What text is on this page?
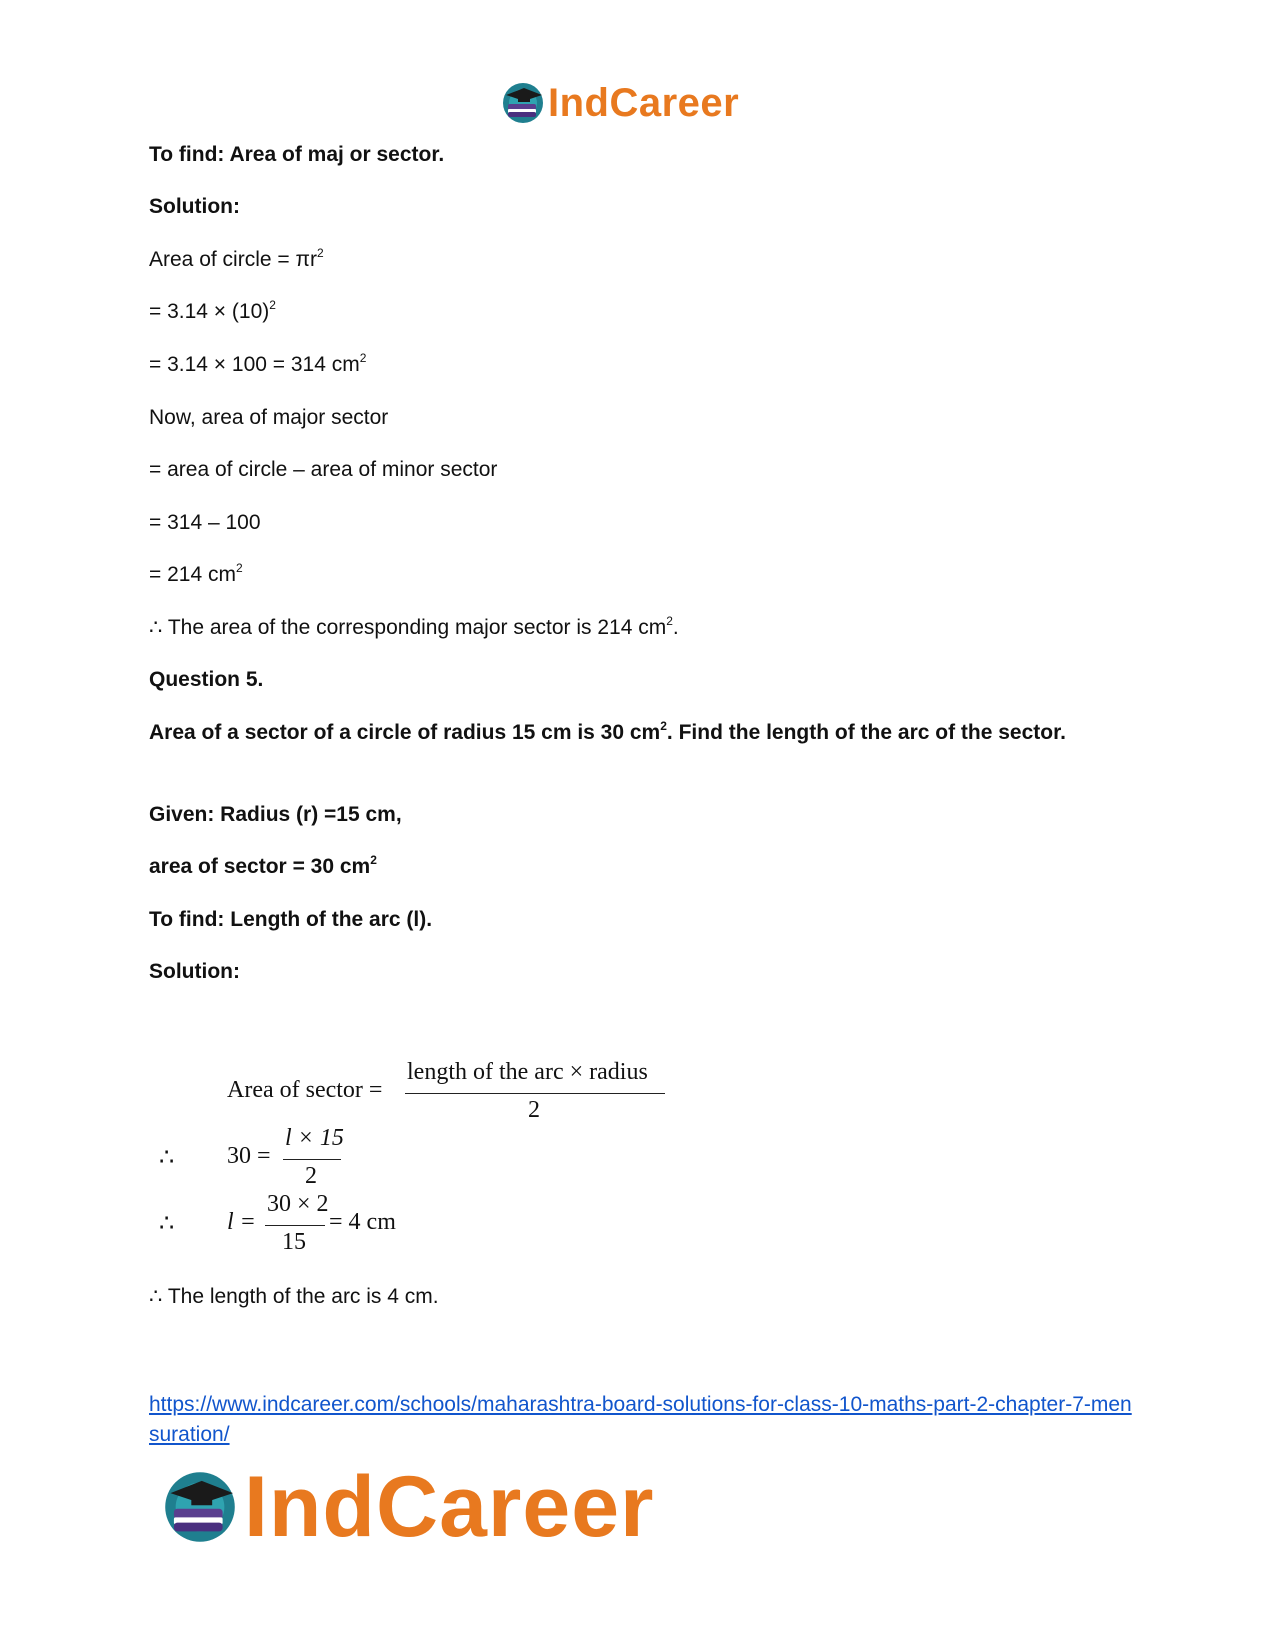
IndCareer
To find: Area of maj or sector.
Solution:
Area of circle = $\pi r^2$
= $3.14 \times (10)^2$
= 3.14 × 100 = 314 $cm^2$
Now, area of major sector
= area of circle – area of minor sector
= 314 – 100
= 214 $cm^2$
∴ The area of the corresponding major sector is 214 $cm^2$.
Question 5.
Area of a sector of a circle of radius 15 cm is 30 $cm^2$. Find the length of the arc of the sector.
Given: Radius (r) =15 cm,
area of sector = 30 $cm^2$
To find: Length of the arc (l).
Solution:
Area of sector =
length of the arc × radius
2
∴ 30 =
l × 15
2
∴ l =
30 × 2
15
= 4 cm
∴ The length of the arc is 4 cm.
https://www.indcareer.com/schools/maharashtra-board-solutions-for-class-10-maths-part-2-chapter-7-mensuration/
IndCareer
